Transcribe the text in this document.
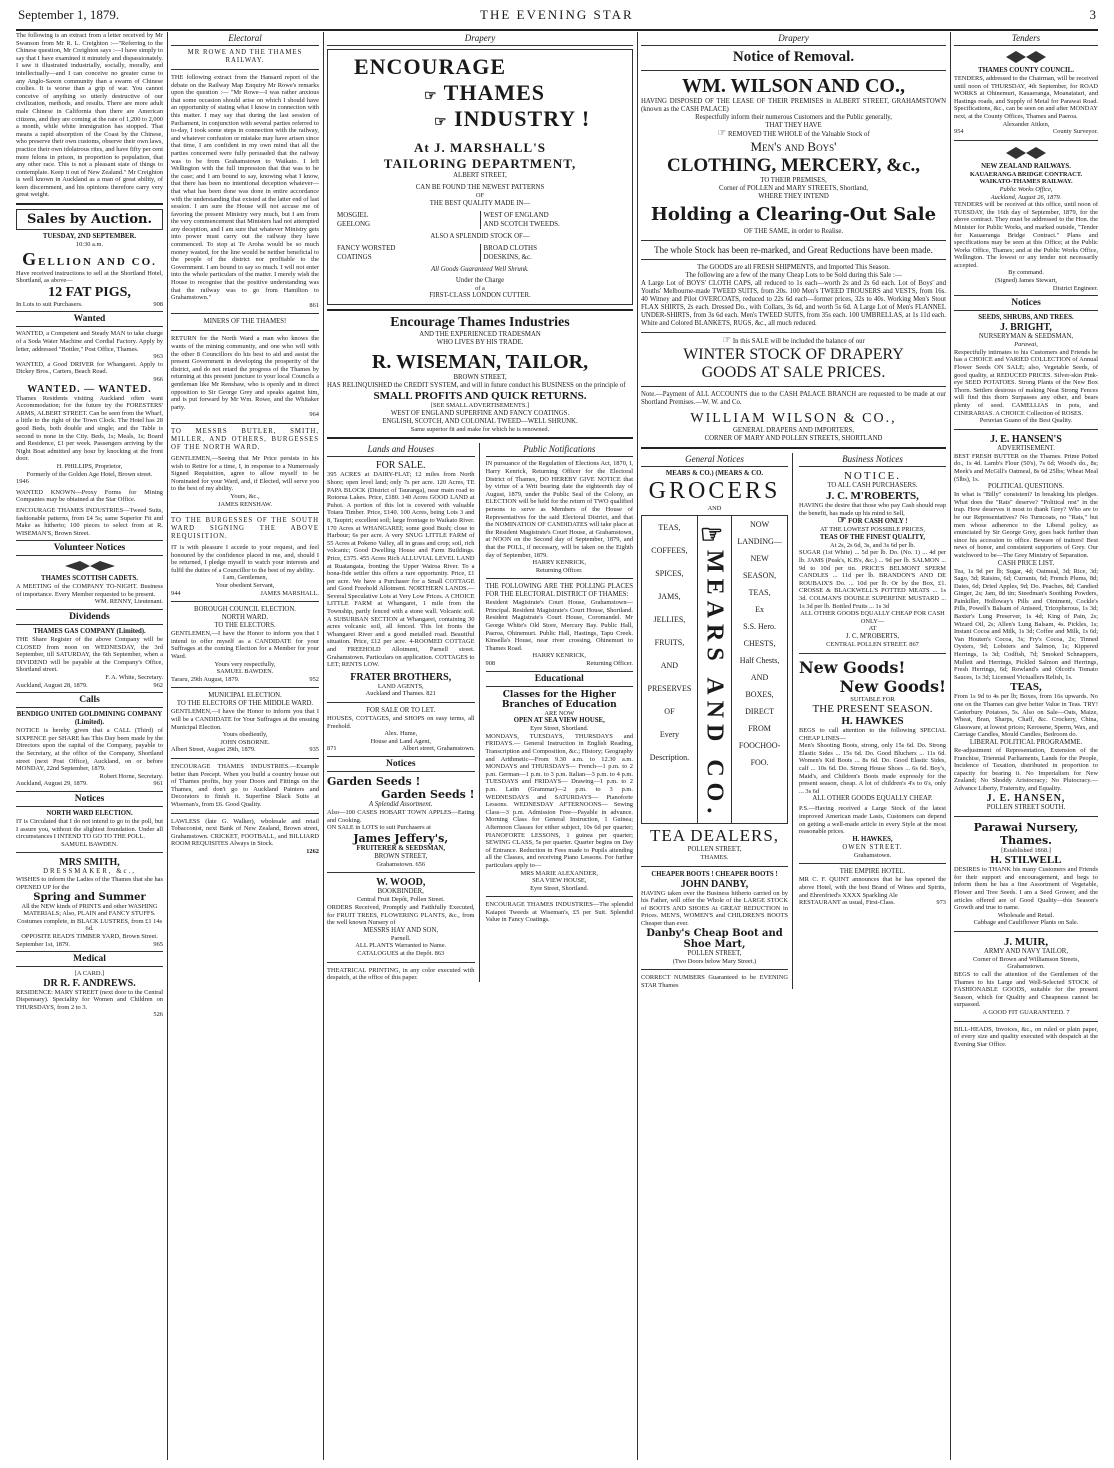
September 1, 1879.	THE EVENING STAR	3

The following is an extract from a letter received by Mr Swanson from Mr R. L. Creighton :—"Referring to the Chinese question, Mr Creighton says :—I have simply to say that I have examined it minutely and dispassionately. I saw it illustrated industrially, socially, morally, and intellectually—and I can conceive no greater curse to any Anglo-Saxon community than a swarm of Chinese coolies. It is worse than a grip of war. You cannot conceive of anything so utterly destructive of our civilization, methods, and results. There are more adult male Chinese in California than there are American citizens, and they are coming at the rate of 1,200 to 2,000 a month, while white immigration has stopped. That means a rapid absorption of the Coast by the Chinese, who preserve their own customs, observe their own laws, practice their own idolatrous rites, and have fifty per cent more felons in prison, in proportion to population, that any other race. This is not a pleasant state of things to contemplate. Keep it out of New Zealand." Mr Creighton is well known in Auckland as a man of great ability, of keen discernment, and his opinions therefore carry very great weight.

Sales by Auction.
TUESDAY, 2ND SEPTEMBER.
10:30 a.m.
GELLION AND CO.

Have received instructions to sell at the Shortland Hotel, Shortland, as above—

12 FAT PIGS,
In Lots to suit Purchasers.	908
Wanted

WANTED, a Competent and Steady MAN to take charge of a Soda Water Machine and Cordial Factory. Apply by letter, addressed "Bottler," Post Office, Thames.

963

WANTED, a Good DRIVER for Whangarei. Apply to Dickey Bros., Carters, Beach Road.

966
WANTED. — WANTED.

Thames Residents visiting Auckland often want Accommodation; for the future try the FORESTERS' ARMS, ALBERT STREET. Can be seen from the Wharf, a little to the right of the Town Clock. The Hotel has 28 good Beds, both double and single; and the Table is second to none in the City. Beds, 1s; Meals, 1s; Board and Residence, £1 per week. Passengers arriving by the Night Boat admitted any hour by knocking at the front door.

H. PHILLIPS, Proprietor,
Formerly of the Golden Age Hotel, Brown street.
1946

WANTED KNOWN—Proxy Forms for Mining Companies may be obtained at the Star Office.

ENCOURAGE THAMES INDUSTRIES—Tweed Suits, fashionable patterns, from £4 5s; same Superior Fit and Make as hitherto; 100 pieces to select from at R. WISEMAN'S, Brown Street.

Volunteer Notices
THAMES SCOTTISH CADETS.

A MEETING of the COMPANY TO-NIGHT. Business of importance. Every Member requested to be present.

WM. RENNY, Lieutenant.
Dividends
THAMES GAS COMPANY (Limited).

THE Share Register of the above Company will be CLOSED from noon on WEDNESDAY, the 3rd September, till SATURDAY, the 6th September, when a DIVIDEND will be payable at the Company's Office, Shortland street.

F. A. White, Secretary.
Auckland, August 28, 1879.	962
Calls
BENDIGO UNITED GOLDMINING COMPANY (Limited).

NOTICE is hereby given that a CALL (Third) of SIXPENCE per SHARE has This Day been made by the Directors upon the capital of the Company, payable to the Secretary, at the office of the Company, Shortland street (next Post Office), Auckland, on or before MONDAY, 22nd September, 1879.

Robert Horne, Secretary.
Auckland, August 29, 1879.	961
Notices
NORTH WARD ELECTION.

IT is Circulated that I do not intend to go to the poll, but I assure you, without the slightest foundation. Under all circumstances I INTEND TO GO TO THE POLL.

SAMUEL BAWDEN.
MRS SMITH,
DRESSMAKER, &c.,

WISHES to inform the Ladies of the Thames that she has OPENED UP for the

Spring and Summer

All the NEW kinds of PRINTS and other WASHING MATERIALS; Also, PLAIN and FANCY STUFFS.

Costumes complete, in BLACK LUSTRES, from £1 14s 6d.

OPPOSITE READ'S TIMBER YARD, Brown Street.
September 1st, 1879.	965
Medical
[A CARD.]
DR R. F. ANDREWS.

RESIDENCE: MARY STREET (next door to the Central Dispensary). Speciality for Women and Children on THURSDAYS, from 2 to 3.

526
Electoral
MR ROWE AND THE THAMES RAILWAY.

THE following extract from the Hansard report of the debate on the Railway Map Enquiry Mr Rowe's remarks upon the question :— "Mr Rowe—I was rather anxious that some occasion should arise on which I should have an opportunity of stating what I know in connection with this matter. I may say that during the last session of Parliament, in conjunction with several parties referred to to-day, I took some steps in connection with the railway, and whatever confusion or mistake may have arisen since that time, I am confident in my own mind that all the parties concerned were fully persuaded that the railway was to be from Grahamstown to Waikato. I left Wellington with the full impression that that was to be the case; and I am bound to say, knowing what I know, that there has been no intentional deception whatever—that what has been done was done in entire accordance with the understanding that existed at the latter end of last session. I am sure the House will not accuse me of favoring the present Ministry very much, but I am from the very commencement that Ministers had not attempted any deception, and I am sure that whatever Ministry gets into power must carry out the railway they have commenced. To stop at Te Aroha would be so much money wasted, for the line would be neither beneficial to the people of the district nor profitable to the Government. I am bound to say so much. I will not enter into the whole particulars of the matter. I merely wish the House to recognise that the positive understanding was that the railway was to go from Hamilton to Grahamstown."

861
MINERS OF THE THAMES!

RETURN for the North Ward a man who knows the wants of the mining community, and one who will with the other 8 Councillors do his best to aid and assist the present Government in developing the prosperity of the district, and do not retard the progress of the Thames by returning at this present juncture to your local Councils a gentleman like Mr Renshaw, who is openly and in direct opposition to Sir George Grey and speaks against him, and is put forward by Mr Wm. Rowe, and the Whitaker party.

964

TO MESSRS BUTLER, SMITH, MILLER, AND OTHERS, BURGESSES OF THE NORTH WARD.

GENTLEMEN,—Seeing that Mr Price persists in his wish to Retire for a time, I, in response to a Numerously Signed Requisition, agree to allow myself to be Nominated for your Ward, and, if Elected, will serve you to the best of my ability.

Yours, &c.,
JAMES RENSHAW.

TO THE BURGESSES OF THE SOUTH WARD SIGNING THE ABOVE REQUISITION.

IT is with pleasure I accede to your request, and feel honoured by the confidence placed in me, and, should I be returned, I pledge myself to watch your interests and fulfil the duties of a Councillor to the best of my ability.

I am, Gentlemen,
Your obedient Servant,
944	JAMES MARSHALL.
BOROUGH COUNCIL ELECTION.
NORTH WARD.
TO THE ELECTORS.

GENTLEMEN,—I have the Honor to inform you that I intend to offer myself as a CANDIDATE for your Suffrages at the coming Election for a Member for your Ward.

Yours very respectfully,
SAMUEL BAWDEN.
Tararu, 29th August, 1879.	952
MUNICIPAL ELECTION.
TO THE ELECTORS OF THE MIDDLE WARD.

GENTLEMEN,—I have the Honor to inform you that I will be a CANDIDATE for Your Suffrages at the ensuing Municipal Election.

Yours obediently,
JOHN OSBORNE.
Albert Street, August 29th, 1879.	935

ENCOURAGE THAMES INDUSTRIES.—Example better than Precept. When you build a country house out of Thames profits, buy your Doors and Fittings on the Thames, and don't go to Auckland Painters and Decorators to finish it. Superfine Black Suits at Wiseman's, from £6. Good Quality.

LAWLESS (late G. Walker), wholesale and retail Tobacconist, next Bank of New Zealand, Brown street, Grahamstown. CRICKET, FOOTBALL, and BILLIARD ROOM REQUISITES Always in Stock.

1262
Drapery
ENCOURAGE
☞ THAMES
☞ INDUSTRY !
At J. MARSHALL'S
TAILORING DEPARTMENT,
ALBERT STREET,
CAN BE FOUND THE NEWEST PATTERNS
OF
THE BEST QUALITY MADE IN—
MOSGIEL
GEELONG
WEST OF ENGLAND
AND SCOTCH TWEEDS.
ALSO A SPLENDID STOCK OF—
FANCY WORSTED
COATINGS
BROAD CLOTHS
DOESKINS, &c.
All Goods Guaranteed Well Shrunk.
Under the Charge
of a
FIRST-CLASS LONDON CUTTER.
Encourage Thames Industries
AND THE EXPERIENCED TRADESMAN
WHO LIVES BY HIS TRADE.
R. WISEMAN, TAILOR,
BROWN STREET,

HAS RELINQUISHED the CREDIT SYSTEM, and will in future conduct his BUSINESS on the principle of

SMALL PROFITS AND QUICK RETURNS.
[SEE SMALL ADVERTISEMENTS.]
WEST OF ENGLAND SUPERFINE AND FANCY COATINGS.
ENGLISH, SCOTCH, AND COLONIAL TWEED—WELL SHRUNK.
Same superior fit and make for which he is renowned.
Lands and Houses
FOR SALE.

395 ACRES at DAIRY-FLAT; 12 miles from North Shore; open level land; only 7s per acre. 120 Acres, TE PAPA BLOCK (District of Tauranga), near main road to Rotorua Lakes. Price, £180. 140 Acres GOOD LAND at Puhoi. A portion of this lot is covered with valuable Totara Timber. Price, £140. 100 Acres, being Lots 3 and 8, Taupiri; excellent soil; large frontage to Waikato River. 170 Acres at WHANGAREI; some good Bush; close to Harbour; 6s per acre. A very SNUG LITTLE FARM of 55 Acres at Pokeno Valley, all in grass and crop; soil, rich volcanic; Good Dwelling House and Farm Buildings. Price, £375. 455 Acres Rich ALLUVIAL LEVEL LAND at Ruatangata, fronting the Upper Wairoa River. To a bona-fide settler this offers a rare opportunity. Price, £1 per acre. We have a Purchaser for a Small COTTAGE and Good Freehold Allotment. NORTHERN LANDS.—Several Speculative Lots at Very Low Prices. A CHOICE LITTLE FARM at Whangarei, 1 mile from the Township, partly fenced with a stone wall. Volcanic soil. A SUBURBAN SECTION at Whangarei, containing 30 acres volcanic soil, all fenced. This lot fronts the Whangarei River and a good metalled road. Beautiful situation. Price, £12 per acre. 4-ROOMED COTTAGE and FREEHOLD Allotment, Parnell street. Grahamstown. Particulars on application. COTTAGES to LET; RENTS LOW.

FRATER BROTHERS,
LAND AGENTS,
Auckland and Thames. 821
FOR SALE OR TO LET.

HOUSES, COTTAGES, and SHOPS on easy terms, all Freehold.

Alex. Hume,
House and Land Agent,
871	Albert street, Grahamstown.
Notices
Garden Seeds !
Garden Seeds !
A Splendid Assortment.

Also—100 CASES HOBART TOWN APPLES—Eating and Cooking.

ON SALE in LOTS to suit Purchasers at

James Jeffery's,
FRUITERER & SEEDSMAN,
BROWN STREET,
Grahamstown. 656
W. WOOD,
BOOKBINDER,
Central Fruit Depôt, Pollen Street.

ORDERS Received, Promptly and Faithfully Executed, for FRUIT TREES, FLOWERING PLANTS, &c., from the well known Nursery of

MESSRS HAY AND SON,
Parnell.
ALL PLANTS Warranted to Name.
CATALOGUES at the Depôt. 863

THEATRICAL PRINTING, in any color executed with despatch, at the office of this paper.

Public Notifications

IN pursuance of the Regulation of Elections Act, 1870, I, Harry Kenrick, Returning Officer for the Electoral District of Thames, DO HEREBY GIVE NOTICE that by virtue of a Writ bearing date the eighteenth day of August, 1879, under the Public Seal of the Colony, an ELECTION will be held for the return of TWO qualified persons to serve as Members of the House of Representatives for the said Electoral District, and that the NOMINATION OF CANDIDATES will take place at the Resident Magistrate's Court House, at Grahamstown, at NOON on the Second day of September, 1879, and that the POLL, if necessary, will be taken on the Eighth day of September, 1879.

HARRY KENRICK,
Returning Officer.

THE FOLLOWING ARE THE POLLING PLACES FOR THE ELECTORAL DISTRICT OF THAMES:

Resident Magistrate's Court House, Grahamstown—Principal. Resident Magistrate's Court House, Shortland. Resident Magistrate's Court House, Coromandel. Mr George White's Old Store, Mercury Bay. Public Hall, Paeroa, Ohinemuri. Public Hall, Hastings, Tapu Creek. Kinsella's House, near river crossing, Ohinemuri to Thames Road.

HARRY KENRICK,
908	Returning Officer.
Educational
Classes for the Higher Branches of Education
ARE NOW
OPEN AT SEA VIEW HOUSE,
Eyre Street, Shortland.

MONDAYS, TUESDAYS, THURSDAYS and FRIDAYS.— General Instruction in English Reading, Transcription and Composition, &c.; History; Geography and Arithmetic—From 9.30 a.m. to 12.30 a.m. MONDAYS and THURSDAYS— French—1 p.m. to 2 p.m. German—1 p.m. to 3 p.m. Italian—3 p.m. to 4 p.m. TUESDAYS and FRIDAYS— Drawing—1 p.m. to 2 p.m. Latin (Grammar)—2 p.m. to 3 p.m. WEDNESDAYS and SATURDAYS— Pianoforte Lessons. WEDNESDAY AFTERNOONS— Sewing Class—3 p.m. Admission Free—Payable in advance. Morning Class for General Instruction, 1 Guinea; Afternoon Classes for either subject, 10s 6d per quarter; PIANOFORTE LESSONS, 1 guinea per quarter; SEWING CLASS, 5s per quarter. Quarter begins on Day of Entrance. Reduction in Fees made to Pupils attending all the Classes, and receiving Piano Lessons. For further particulars apply to—

MRS MARIE ALEXANDER,
SEA VIEW HOUSE,
Eyre Street, Shortland.

ENCOURAGE THAMES INDUSTRIES—The splendid Kaiapoi Tweeds at Wiseman's, £5 per Suit. Splendid Value in Fancy Coatings.

Drapery
Notice of Removal.
WM. WILSON AND CO.,

HAVING DISPOSED OF THE LEASE OF THEIR PREMISES in ALBERT STREET, GRAHAMSTOWN (known as the CASH PALACE)

Respectfully inform their numerous Customers and the Public generally,
THAT THEY HAVE
☞ REMOVED THE WHOLE of the Valuable Stock of
Men's and Boys'
CLOTHING, MERCERY, &c.,
TO THEIR PREMISES,
Corner of POLLEN and MARY STREETS, Shortland,
WHERE THEY INTEND
Holding a Clearing-Out Sale
OF THE SAME, in order to Realise.
The whole Stock has been re-marked, and Great Reductions have been made.

The GOODS are all FRESH SHIPMENTS, and Imported This Season.

The following are a few of the many Cheap Lots to be Sold during this Sale :—

A Large Lot of BOYS' CLOTH CAPS, all reduced to 1s each—worth 2s and 2s 6d each. Lot of Boys' and Youths' Melbourne-made TWEED SUITS, from 20s. 100 Men's TWEED TROUSERS and VESTS, from 16s. 40 Witney and Pilot OVERCOATS, reduced to 22s 6d each—former prices, 32s to 40s. Working Men's Stout FLAX SHIRTS, 2s each. Dressed Do., with Collars, 3s 6d, and worth 5s 6d. A Large Lot of Men's FLANNEL UNDER-SHIRTS, from 3s 6d each. Men's TWEED SUITS, from 35s each. 100 UMBRELLAS, at 1s 11d each. White and Colored BLANKETS, RUGS, &c., all much reduced.

☞ In this SALE will be included the balance of our
WINTER STOCK OF DRAPERY
GOODS AT SALE PRICES.

Note.—Payment of ALL ACCOUNTS due to the CASH PALACE BRANCH are requested to be made at our Shortland Premises.—W. W. and Co.

WILLIAM WILSON & CO.,
GENERAL DRAPERS AND IMPORTERS,
CORNER OF MARY AND POLLEN STREETS, SHORTLAND
General Notices
MEARS & CO.) (MEARS & CO.
GROCERS
AND
TEAS,
COFFEES,
SPICES,
JAMS,
JELLIES,
FRUITS,
AND
PRESERVES
OF
Every
Description.
☞MEARS AND CO.
NOW
LANDING—
NEW
SEASON,
TEAS,
Ex
S.S. Hero.
CHESTS,
Half Chests,
AND
BOXES,
DIRECT
FROM
FOOCHOO-
FOO.
TEA DEALERS,
POLLEN STREET,
THAMES.
CHEAPER BOOTS ! CHEAPER BOOTS !
JOHN DANBY,

HAVING taken over the Business hitherto carried on by his Father, will offer the Whole of the LARGE STOCK of BOOTS AND SHOES At GREAT REDUCTION in Prices. MEN'S, WOMEN'S and CHILDREN'S BOOTS Cheaper than ever.

Danby's Cheap Boot and Shoe Mart,
POLLEN STREET,
(Two Doors below Mary Street.)

CORRECT NUMBERS Guaranteed to be EVENING STAR Thames

Business Notices
NOTICE.
TO ALL CASH PURCHASERS.
J. C. M'ROBERTS,

HAVING the desire that those who pay Cash should reap the benefit, has made up his mind to Sell,

☞ FOR CASH ONLY !
AT THE LOWEST POSSIBLE PRICES,
TEAS OF THE FINEST QUALITY,
At 2s, 2s 6d, 3s, and 3s 6d per lb.

SUGAR (1st White) ... 5d per lb. Do. (No. 1) ... 4d per lb. JAMS (Peak's, K.B's, &c.) ... 9d per lb. SALMON ... 9d to 10d per tin. PRICE'S BELMONT SPERM CANDLES ... 11d per lb. BRANDON'S AND DE ROUBAIX'S Do. ... 10d per lb. Or by the Box, £1. CROSSE & BLACKWELL'S POTTED MEATS ... 1s 3d. COLMAN'S DOUBLE SUPERFINE MUSTARD ... 1s 3d per lb. Bottled Fruits ... 1s 3d

ALL OTHER GOODS EQUALLY CHEAP FOR CASH ONLY—

AT
J. C. M'ROBERTS,
CENTRAL POLLEN STREET. 867
New Goods!
New Goods!
SUITABLE FOR
THE PRESENT SEASON.
H. HAWKES

BEGS to call attention to the following SPECIAL CHEAP LINES—

Men's Shooting Boots, strong, only 15s 6d. Do. Strong Elastic Sides ... 15s 6d. Do. Good Bluchers ... 11s 6d. Women's Kid Boots ... 8s 6d. Do. Good Elastic Sides, calf ... 10s 6d. Do. Strong House Shoes ... 6s 6d. Boy's, Maid's, and Children's Boots made expressly for the present season, cheap. A lot of children's 4's to 6's, only ... 3s 6d

ALL OTHER GOODS EQUALLY CHEAP.

P.S.—Having received a Large Stock of the latest improved American made Lasts, Customers can depend on getting a well-made article in every Style at the most reasonable prices.

H. HAWKES,
OWEN STREET.
Grahamstown.
THE EMPIRE HOTEL.

MR C. F. QUINT announces that he has opened the above Hotel, with the best Brand of Wines and Spirits, and Ehrenfried's XXXX Sparkling Ale

RESTAURANT as usual, First-Class.	973
Tenders
THAMES COUNTY COUNCIL.

TENDERS, addressed to the Chairman, will be received until noon of THURSDAY, 4th September, for ROAD WORKS at Ohinemuri, Kauaeranga, Moanataiari, and Hastings roads, and Supply of Metal for Parawai Road. Specifications, &c., can be seen on and after MONDAY next, at the County Offices, Thames and Paeroa.

Alexander Aitken,
954	County Surveyor.
NEW ZEALAND RAILWAYS.
KAUAERANGA BRIDGE CONTRACT.
WAIKATO-THAMES RAILWAY.
Public Works Office,
Auckland, August 26, 1879.

TENDERS will be received at this office, until noon of TUESDAY, the 16th day of September, 1879, for the above contract. They must be addressed to the Hon. the Minister for Public Works, and marked outside, "Tender for Kauaeranga Bridge Contract." Plans and specifications may be seen at this Office; at the Public Works Office, Thames; and at the Public Works Office, Wellington. The lowest or any tender not necessarily accepted.

By command.
(Signed) James Stewart,
District Engineer.
Notices
SEEDS, SHRUBS, AND TREES.
J. BRIGHT,
NURSERYMAN & SEEDSMAN,
Parawai,

Respectfully intimates to his Customers and Friends he has a CHOICE and VARIED COLLECTION of Annual Flower Seeds ON SALE; also, Vegetable Seeds, of good quality, at REDUCED PRICES. Silver-skin Pink-eye SEED POTATOES. Strong Plants of the New Box Thorn. Settlers desirous of making Neat Strong Fences will find this thorn Surpasses any other, and bears plenty of seed. CAMELLIAS in pots, and CINERARIAS. A CHOICE Collection of ROSES.

Peruvian Guano of the Best Quality.
J. E. HANSEN'S
ADVERTISEMENT.

BEST FRESH BUTTER on the Thames. Prime Potted do., 1s 4d. Lamb's Flour (50's), 7s 6d; Wood's do., 8s; Meek's and McGill's Oatmeal, 8s 6d 25lbs; Wheat Meal (5lbs), 1s.

POLITICAL QUESTIONS.

In what is "Billy" consistent? In breaking his pledges. What does the "Rats" deserve? "Political rest" in the trap. How deserves it most to thank Grey? Who are to be our Representatives? No Turncoats, no "Rats," but men whose adherence to the Liberal policy, as enunciated by Sir George Grey, goes back further than since his accession to office. Beware of traitors! Best news of honor, and consistent supporters of Grey. Our watchword to be—The Grey Ministry of Separation.

CASH PRICE LIST.

Tea, 1s 9d per lb; Sugar, 4d; Oatmeal, 3d; Rice, 3d; Sago, 3d; Raisins, 6d; Currants, 6d; French Plums, 8d; Dates, 6d; Dried Apples, 9d; Do. Peaches, 8d; Candied Ginger, 2s; Jam, 8d tin; Steedman's Soothing Powders, Painkiller, Holloway's Pills and Ointment, Cockle's Pills, Powell's Balsam of Aniseed, Tricopherous, 1s 3d; Baxter's Lung Preserver, 1s 4d; King of Pain, 2s; Wizard Oil, 2s; Allen's Lung Balsam, 4s. Pickles, 1s; Instant Cocoa and Milk, 1s 3d; Coffee and Milk, 1s 6d; Van Houten's Cocoa, 3s; Fry's Cocoa, 2s; Tinned Oysters, 9d; Lobsters and Salmon, 1s; Kippered Herrings, 1s 3d; Codfish, 7d; Smoked Schnappers, Mullett and Herrings, Pickled Salmon and Herrings, Fresh Herrings, 6d; Rowland's and Olcott's Tomato Sauces, 1s 3d; Licensed Victuallers Relish, 1s.

TEAS,

From 1s 9d to 4s per lb; Boxes, from 16s upwards. No one on the Thames can give better Value in Teas. TRY! Canterbury Potatoes, 5s. Also on Sale—Oats, Maize, Wheat, Bran, Sharps, Chaff, &c. Crockery, China, Glassware, at lowest prices; Kerosene, Sperm, Wax, and Carriage Candles, Mould Candles, Bedroom do.

LIBERAL POLITICAL PROGRAMME.

Re-adjustment of Representation, Extension of the Franchise, Triennial Parliaments, Lands for the People, Incidence of Taxation, distributed in proportion to capacity for bearing it. No Imperialism for New Zealand; No Shoddy Aristocracy; No Plutocracy.—Advance Liberty, Fraternity, and Equality.

J. E. HANSEN,
POLLEN STREET SOUTH.
Parawai Nursery, Thames.
[Established 1868.]
H. STILWELL

DESIRES to THANK his many Customers and Friends for their support and encouragement, and begs to inform them he has a fine Assortment of Vegetable, Flower and Tree Seeds. I am a Seed Grower, and the articles offered are of Good Quality—this Season's Growth and true to name.

Wholesale and Retail.
Cabbage and Cauliflower Plants on Sale.
J. MUIR,
ARMY AND NAVY TAILOR,
Corner of Brown and Williamson Streets, Grahamstown.

BEGS to call the attention of the Gentlemen of the Thames to his Large and Well-Selected STOCK of FASHIONABLE GOODS, suitable for the present Season, which for Quality and Cheapness cannot be surpassed.

A GOOD FIT GUARANTEED. 7

BILL-HEADS, Invoices, &c., on ruled or plain paper, of every size and quality executed with despatch at the Evening Star Office.
